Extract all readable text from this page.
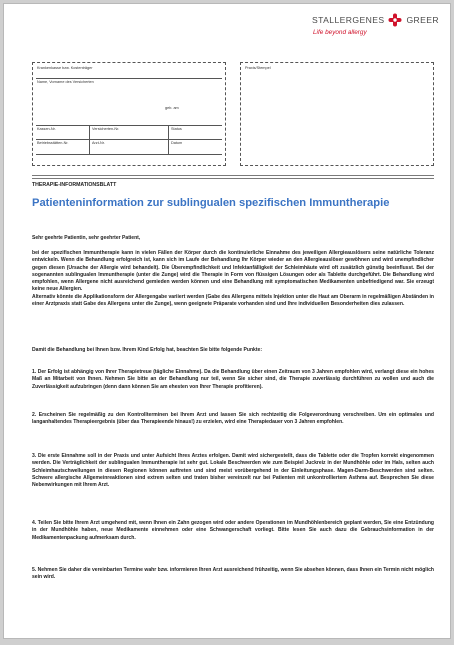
STALLERGENES	GREER
Life beyond allergy
Krankenkasse bzw. Kostenträger
Name, Vorname des Versicherten
geb. am
Kassen-Nr.	Versicherten-Nr.	Status
Betriebsstätten-Nr.	Arzt-Nr.	Datum
Praxis/Stempel
THERAPIE-INFORMATIONSBLATT
Patienteninformation zur sublingualen spezifischen Immuntherapie

Sehr geehrte Patientin, sehr geehrter Patient,

bei der spezifischen Immuntherapie kann in vielen Fällen der Körper durch die kontinuierliche Einnahme des jeweiligen Allergieauslösers seine natürliche Toleranz entwickeln. Wenn die Behandlung erfolgreich ist, kann sich im Laufe der Behandlung Ihr Körper wieder an den Allergieauslöser gewöhnen und wird unempfindlicher gegen diesen (Ursache der Allergie wird behandelt). Die Überempfindlichkeit und Infektanfälligkeit der Schleimhäute wird oft zusätzlich günstig beeinflusst. Bei der sogenannten sublingualen Immuntherapie (unter die Zunge) wird die Therapie in Form von flüssigen Lösungen oder als Tablette durchgeführt. Die Behandlung wird empfohlen, wenn Allergene nicht ausreichend gemieden werden können und eine Behandlung mit symptomatischen Medikamenten unbefriedigend war. Sie erzeugt keine neue Allergien.

Alternativ könnte die Applikationsform der Allergengabe variiert werden (Gabe des Allergens mittels Injektion unter die Haut am Oberarm in regelmäßigen Abständen in einer Arztpraxis statt Gabe des Allergens unter die Zunge), wenn geeignete Präparate vorhanden sind und Ihre individuellen Besonderheiten dies zulassen.

Damit die Behandlung bei Ihnen bzw. Ihrem Kind Erfolg hat, beachten Sie bitte folgende Punkte:

1. Der Erfolg ist abhängig von Ihrer Therapietreue (tägliche Einnahme). Da die Behandlung über einen Zeitraum von 3 Jahren empfohlen wird, verlangt diese ein hohes Maß an Mitarbeit von Ihnen. Nehmen Sie bitte an der Behandlung nur teil, wenn Sie sicher sind, die Therapie zuverlässig durchführen zu wollen und auch die Zuverlässigkeit aufzubringen (denn dann können Sie am ehesten von Ihrer Therapie profitieren).

2. Erscheinen Sie regelmäßig zu den Kontrollterminen bei Ihrem Arzt und lassen Sie sich rechtzeitig die Folgeverordnung verschreiben. Um ein optimales und langanhaltendes Therapieergebnis (über das Therapieende hinaus!) zu erzielen, wird eine Therapiedauer von 3 Jahren empfohlen.

3. Die erste Einnahme soll in der Praxis und unter Aufsicht Ihres Arztes erfolgen. Damit wird sichergestellt, dass die Tablette oder die Tropfen korrekt eingenommen werden. Die Verträglichkeit der sublingualen Immuntherapie ist sehr gut. Lokale Beschwerden wie zum Beispiel Juckreiz in der Mundhöhle oder im Hals, selten auch Schleimhautschwellungen in diesen Regionen können auftreten und sind meist vorübergehend in der Einleitungsphase. Magen-Darm-Beschwerden sind selten. Schwere allergische Allgemeinreaktionen sind extrem selten und traten bisher vereinzelt nur bei Patienten mit unkontrolliertem Asthma auf. Besprechen Sie diese Nebenwirkungen mit Ihrem Arzt.

4. Teilen Sie bitte Ihrem Arzt umgehend mit, wenn Ihnen ein Zahn gezogen wird oder andere Operationen im Mundhöhlenbereich geplant werden, Sie eine Entzündung in der Mundhöhle haben, neue Medikamente einnehmen oder eine Schwangerschaft vorliegt. Bitte lesen Sie auch dazu die Gebrauchsinformation in der Medikamentenpackung aufmerksam durch.

5. Nehmen Sie daher die vereinbarten Termine wahr bzw. informieren Ihren Arzt ausreichend frühzeitig, wenn Sie absehen können, dass Ihnen ein Termin nicht möglich sein wird.
